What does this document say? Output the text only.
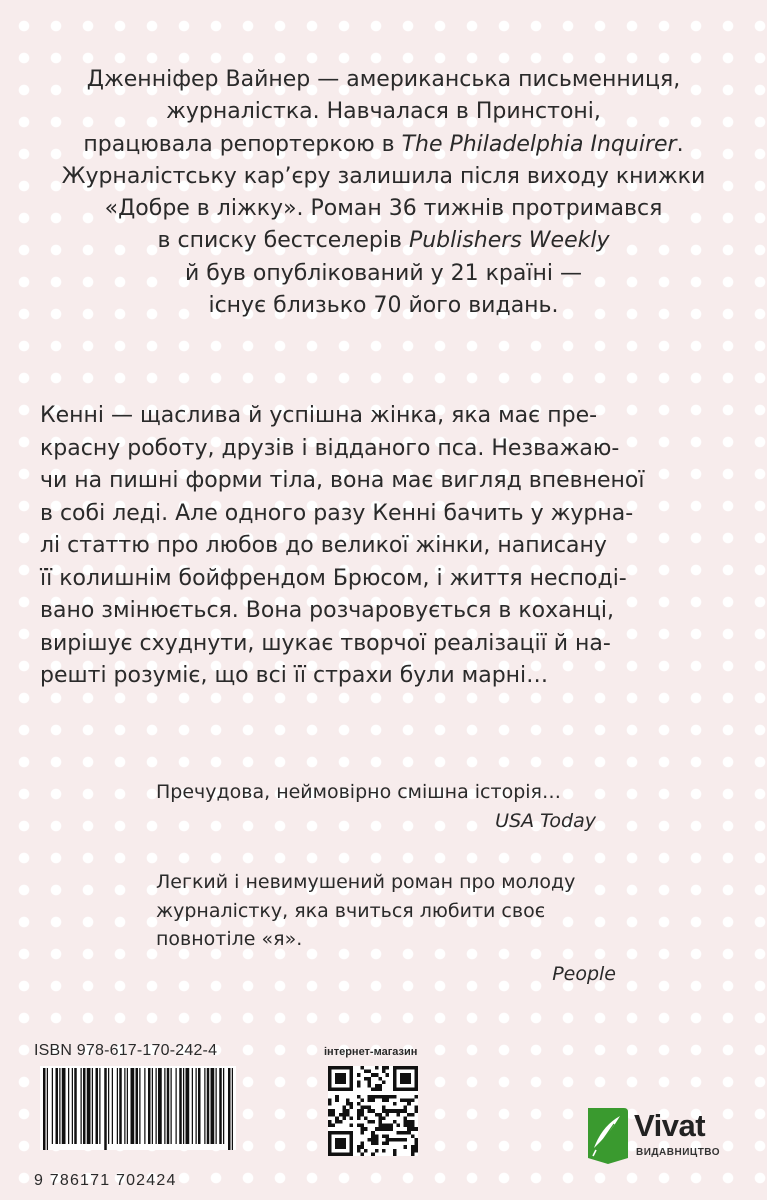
Дженніфер Вайнер — американська письменниця,
журналістка. Навчалася в Принстоні,
працювала репортеркою в The Philadelphia Inquirer.
Журналістську кар’єру залишила після виходу книжки
«Добре в ліжку». Роман 36 тижнів протримався
в списку бестселерів Publishers Weekly
й був опублікований у 21 країні —
існує близько 70 його видань.
Кенні — щаслива й успішна жінка, яка має пре-
красну роботу, друзів і відданого пса. Незважаю-
чи на пишні форми тіла, вона має вигляд впевненої
в собі леді. Але одного разу Кенні бачить у журна-
лі статтю про любов до великої жінки, написану
її колишнім бойфрендом Брюсом, і життя несподі-
вано змінюється. Вона розчаровується в коханці,
вирішує схуднути, шукає творчої реалізації й на-
решті розуміє, що всі її страхи були марні…
Пречудова, неймовірно смішна історія…
USA Today
Легкий і невимушений роман про молоду
журналістку, яка вчиться любити своє
повнотіле «я».
People
ISBN 978-617-170-242-4
9 786171 702424
інтернет-магазин
Vivat
ВИДАВНИЦТВО
